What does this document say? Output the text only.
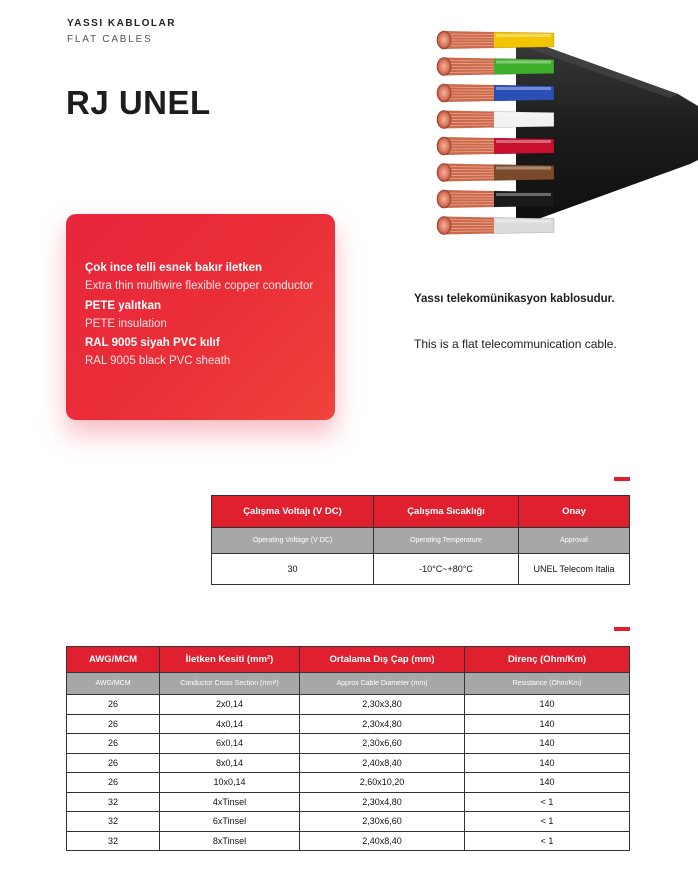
YASSI KABLOLAR
FLAT CABLES
RJ UNEL
Çok ince telli esnek bakır iletken
Extra thin multiwire flexible copper conductor
PETE yalıtkan
PETE insulation
RAL 9005 siyah PVC kılıf
RAL 9005 black PVC sheath
Yassı telekomünikasyon kablosudur.
This is a flat telecommunication cable.
Çalışma Voltajı (V DC)	Çalışma Sıcaklığı	Onay
Operating Voltage (V DC)	Operating Temperature	Approval
30	-10°C~+80°C	UNEL Telecom Italia
AWG/MCM	İletken Kesiti (mm²)	Ortalama Dış Çap (mm)	Direnç (Ohm/Km)
AWG/MCM	Conductor Cross Section (mm²)	Approx Cable Diameter (mm)	Resistance (Ohm/Km)
26	2x0,14	2,30x3,80	140
26	4x0,14	2,30x4,80	140
26	6x0,14	2,30x6,60	140
26	8x0,14	2,40x8,40	140
26	10x0,14	2,60x10,20	140
32	4xTinsel	2,30x4,80	< 1
32	6xTinsel	2,30x6,60	< 1
32	8xTinsel	2,40x8,40	< 1
